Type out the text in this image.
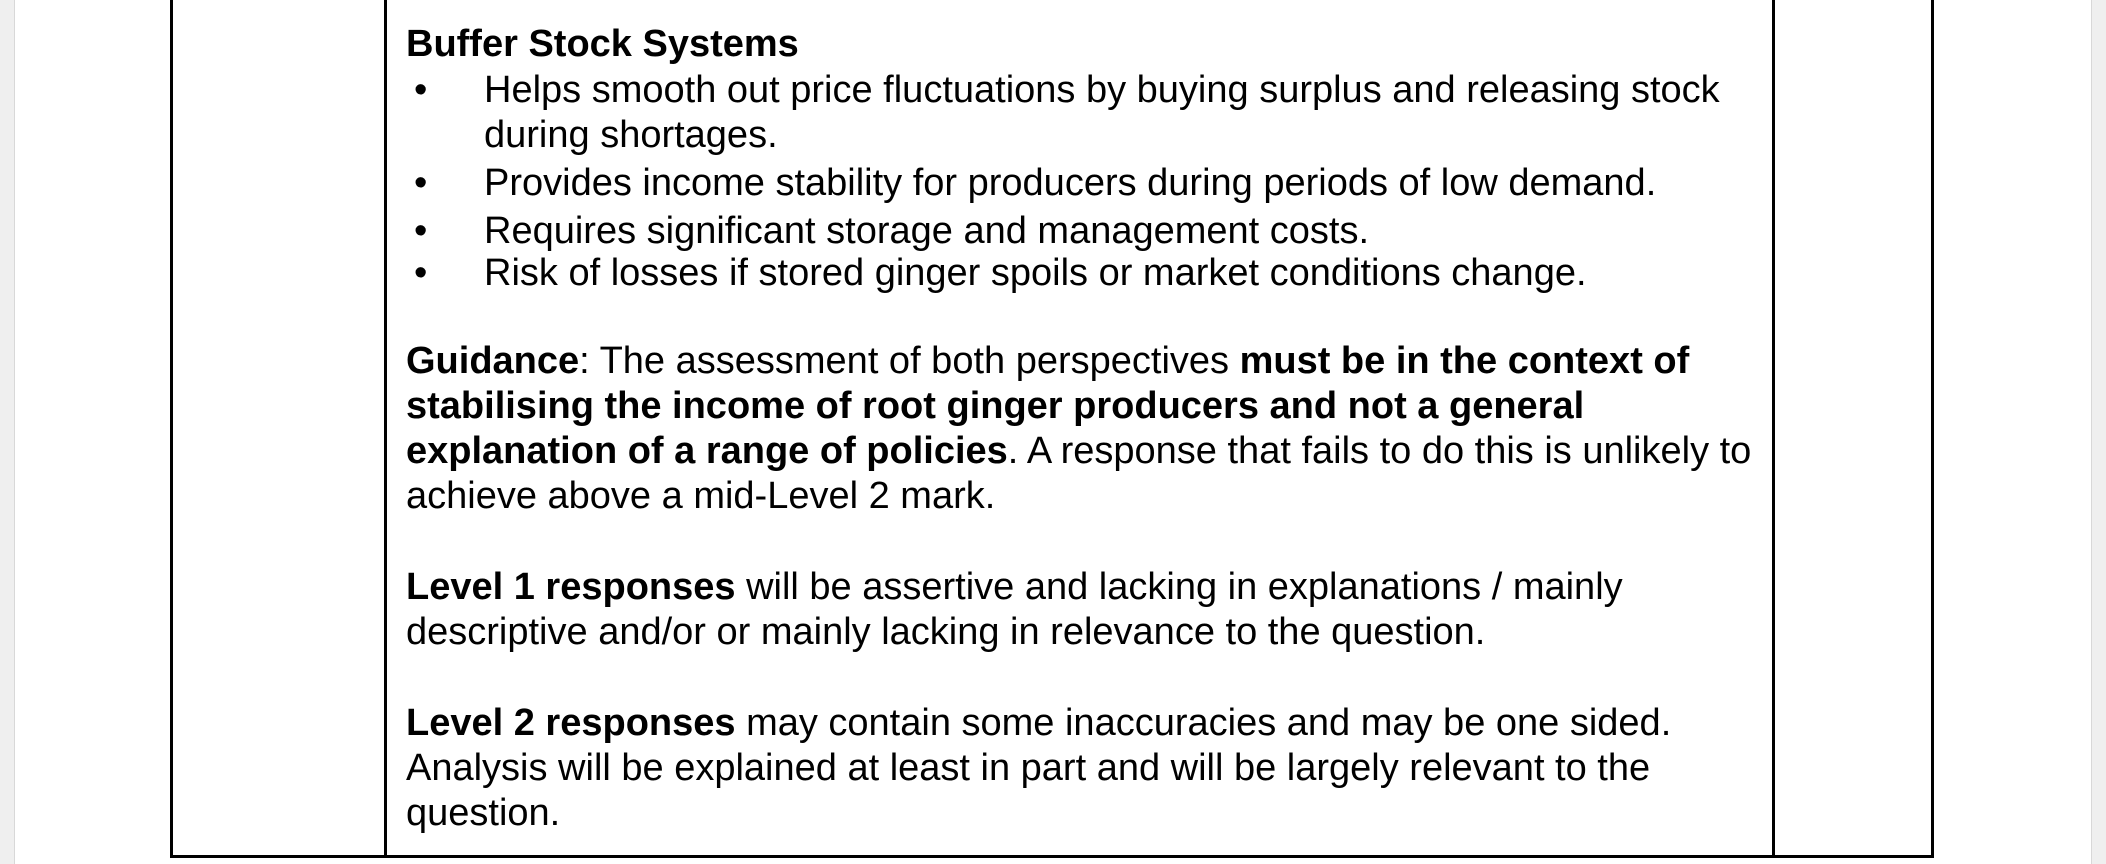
Buffer Stock Systems
•	Helps smooth out price fluctuations by buying surplus and releasing stock during shortages.
•	Provides income stability for producers during periods of low demand.
•	Requires significant storage and management costs.
•	Risk of losses if stored ginger spoils or market conditions change.

Guidance: The assessment of both perspectives must be in the context of stabilising the income of root ginger producers and not a general explanation of a range of policies. A response that fails to do this is unlikely to achieve above a mid-Level 2 mark.

Level 1 responses will be assertive and lacking in explanations / mainly descriptive and/or or mainly lacking in relevance to the question.

Level 2 responses may contain some inaccuracies and may be one sided. Analysis will be explained at least in part and will be largely relevant to the question.
